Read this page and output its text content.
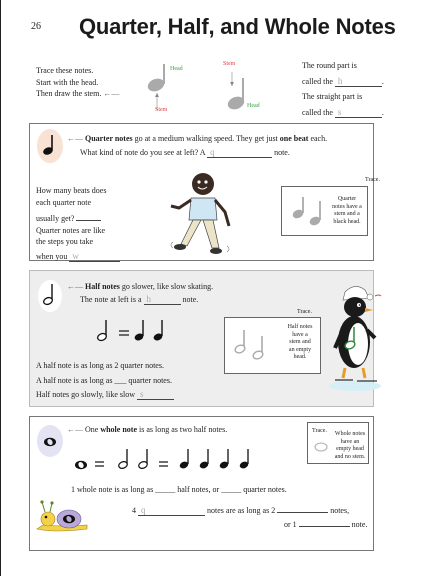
26 Quarter, Half, and Whole Notes
Trace these notes.
Start with the head.
Then draw the stem. ←—
Head
Stem
Stem
Head
The round part is
called the h	.
The straight part is
called the s	.
←— Quarter notes go at a medium walking speed. They get just one beat each.
What kind of note do you see at left? A q	note.
How many beats does
each quarter note
usually get?
Quarter notes are like
the steps you take
when you w
Trace.
Quarter
notes have a
stem and a
black head.
←— Half notes go slower, like slow skating.
The note at left is a h	note.
A half note is as long as 2 quarter notes.
A half note is as long as ___ quarter notes.
Half notes go slowly, like slow s
Trace.
Half notes
have a
stem and
an empty
head.
←— One whole note is as long as two half notes.	Trace.	Whole notes
have an
empty head
and no stem.
1 whole note is as long as _____ half notes, or _____ quarter notes.
4 q	notes are as long as 2	notes,
or 1	note.
